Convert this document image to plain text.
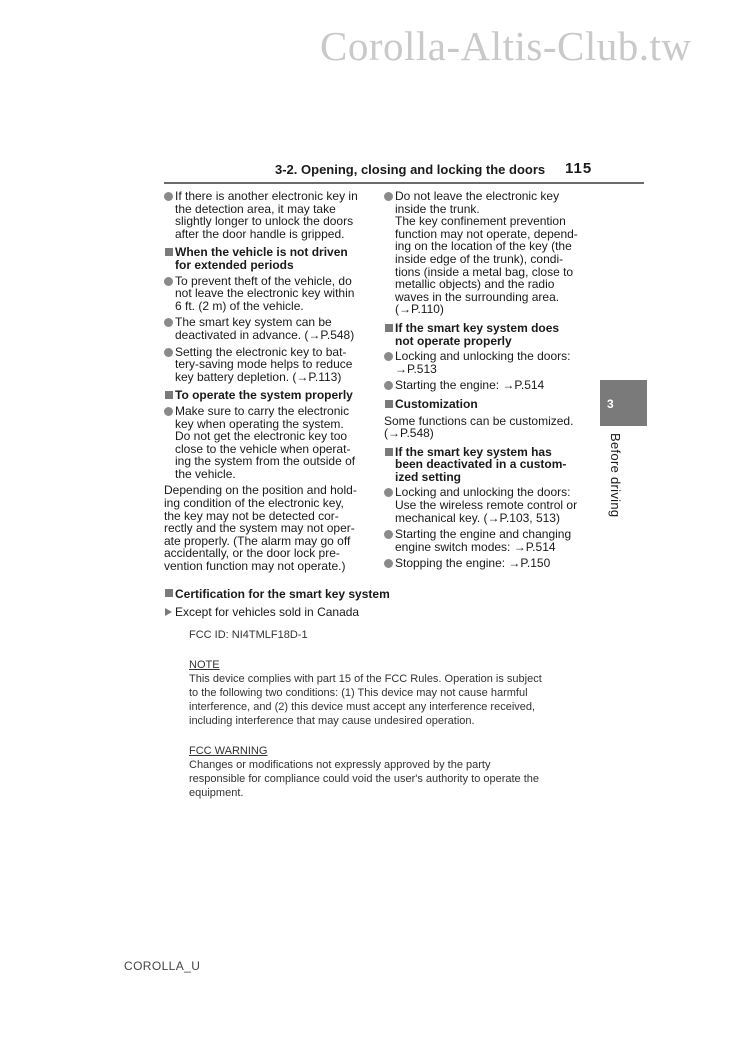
Corolla-Altis-Club.tw
3-2. Opening, closing and locking the doors 115
If there is another electronic key in
the detection area, it may take
slightly longer to unlock the doors
after the door handle is gripped.
When the vehicle is not driven
for extended periods
To prevent theft of the vehicle, do
not leave the electronic key within
6 ft. (2 m) of the vehicle.
The smart key system can be
deactivated in advance. (→P.548)
Setting the electronic key to bat-
tery-saving mode helps to reduce
key battery depletion. (→P.113)
To operate the system properly
Make sure to carry the electronic
key when operating the system.
Do not get the electronic key too
close to the vehicle when operat-
ing the system from the outside of
the vehicle.
Depending on the position and hold-
ing condition of the electronic key,
the key may not be detected cor-
rectly and the system may not oper-
ate properly. (The alarm may go off
accidentally, or the door lock pre-
vention function may not operate.)
Do not leave the electronic key
inside the trunk.
The key confinement prevention
function may not operate, depend-
ing on the location of the key (the
inside edge of the trunk), condi-
tions (inside a metal bag, close to
metallic objects) and the radio
waves in the surrounding area.
(→P.110)
If the smart key system does
not operate properly
Locking and unlocking the doors:
→P.513
Starting the engine: →P.514
Customization
Some functions can be customized.
(→P.548)
If the smart key system has
been deactivated in a custom-
ized setting
Locking and unlocking the doors:
Use the wireless remote control or
mechanical key. (→P.103, 513)
Starting the engine and changing
engine switch modes: →P.514
Stopping the engine: →P.150
Certification for the smart key system
Except for vehicles sold in Canada
FCC ID: NI4TMLF18D-1
NOTE
This device complies with part 15 of the FCC Rules. Operation is subject
to the following two conditions: (1) This device may not cause harmful
interference, and (2) this device must accept any interference received,
including interference that may cause undesired operation.
FCC WARNING
Changes or modifications not expressly approved by the party
responsible for compliance could void the user's authority to operate the
equipment.
3
Before driving
COROLLA_U
